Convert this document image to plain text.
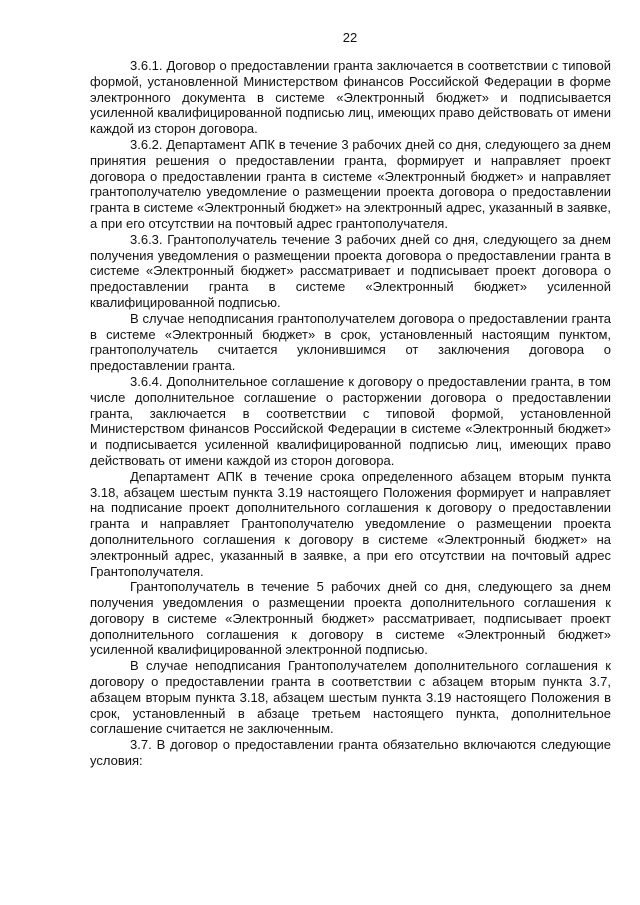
22

3.6.1. Договор о предоставлении гранта заключается в соответствии с типовой формой, установленной Министерством финансов Российской Федерации в форме электронного документа в системе «Электронный бюджет» и подписывается усиленной квалифицированной подписью лиц, имеющих право действовать от имени каждой из сторон договора.

3.6.2. Департамент АПК в течение 3 рабочих дней со дня, следующего за днем принятия решения о предоставлении гранта, формирует и направляет проект договора о предоставлении гранта в системе «Электронный бюджет» и направляет грантополучателю уведомление о размещении проекта договора о предоставлении гранта в системе «Электронный бюджет» на электронный адрес, указанный в заявке, а при его отсутствии на почтовый адрес грантополучателя.

3.6.3. Грантополучатель течение 3 рабочих дней со дня, следующего за днем получения уведомления о размещении проекта договора о предоставлении гранта в системе «Электронный бюджет» рассматривает и подписывает проект договора о предоставлении гранта в системе «Электронный бюджет» усиленной квалифицированной подписью.

В случае неподписания грантополучателем договора о предоставлении гранта в системе «Электронный бюджет» в срок, установленный настоящим пунктом, грантополучатель считается уклонившимся от заключения договора о предоставлении гранта.

3.6.4. Дополнительное соглашение к договору о предоставлении гранта, в том числе дополнительное соглашение о расторжении договора о предоставлении гранта, заключается в соответствии с типовой формой, установленной Министерством финансов Российской Федерации в системе «Электронный бюджет» и подписывается усиленной квалифицированной подписью лиц, имеющих право действовать от имени каждой из сторон договора.

Департамент АПК в течение срока определенного абзацем вторым пункта 3.18, абзацем шестым пункта 3.19 настоящего Положения формирует и направляет на подписание проект дополнительного соглашения к договору о предоставлении гранта и направляет Грантополучателю уведомление о размещении проекта дополнительного соглашения к договору в системе «Электронный бюджет» на электронный адрес, указанный в заявке, а при его отсутствии на почтовый адрес Грантополучателя.

Грантополучатель в течение 5 рабочих дней со дня, следующего за днем получения уведомления о размещении проекта дополнительного соглашения к договору в системе «Электронный бюджет» рассматривает, подписывает проект дополнительного соглашения к договору в системе «Электронный бюджет» усиленной квалифицированной электронной подписью.

В случае неподписания Грантополучателем дополнительного соглашения к договору о предоставлении гранта в соответствии с абзацем вторым пункта 3.7, абзацем вторым пункта 3.18, абзацем шестым пункта 3.19 настоящего Положения в срок, установленный в абзаце третьем настоящего пункта, дополнительное соглашение считается не заключенным.

3.7. В договор о предоставлении гранта обязательно включаются следующие условия:
